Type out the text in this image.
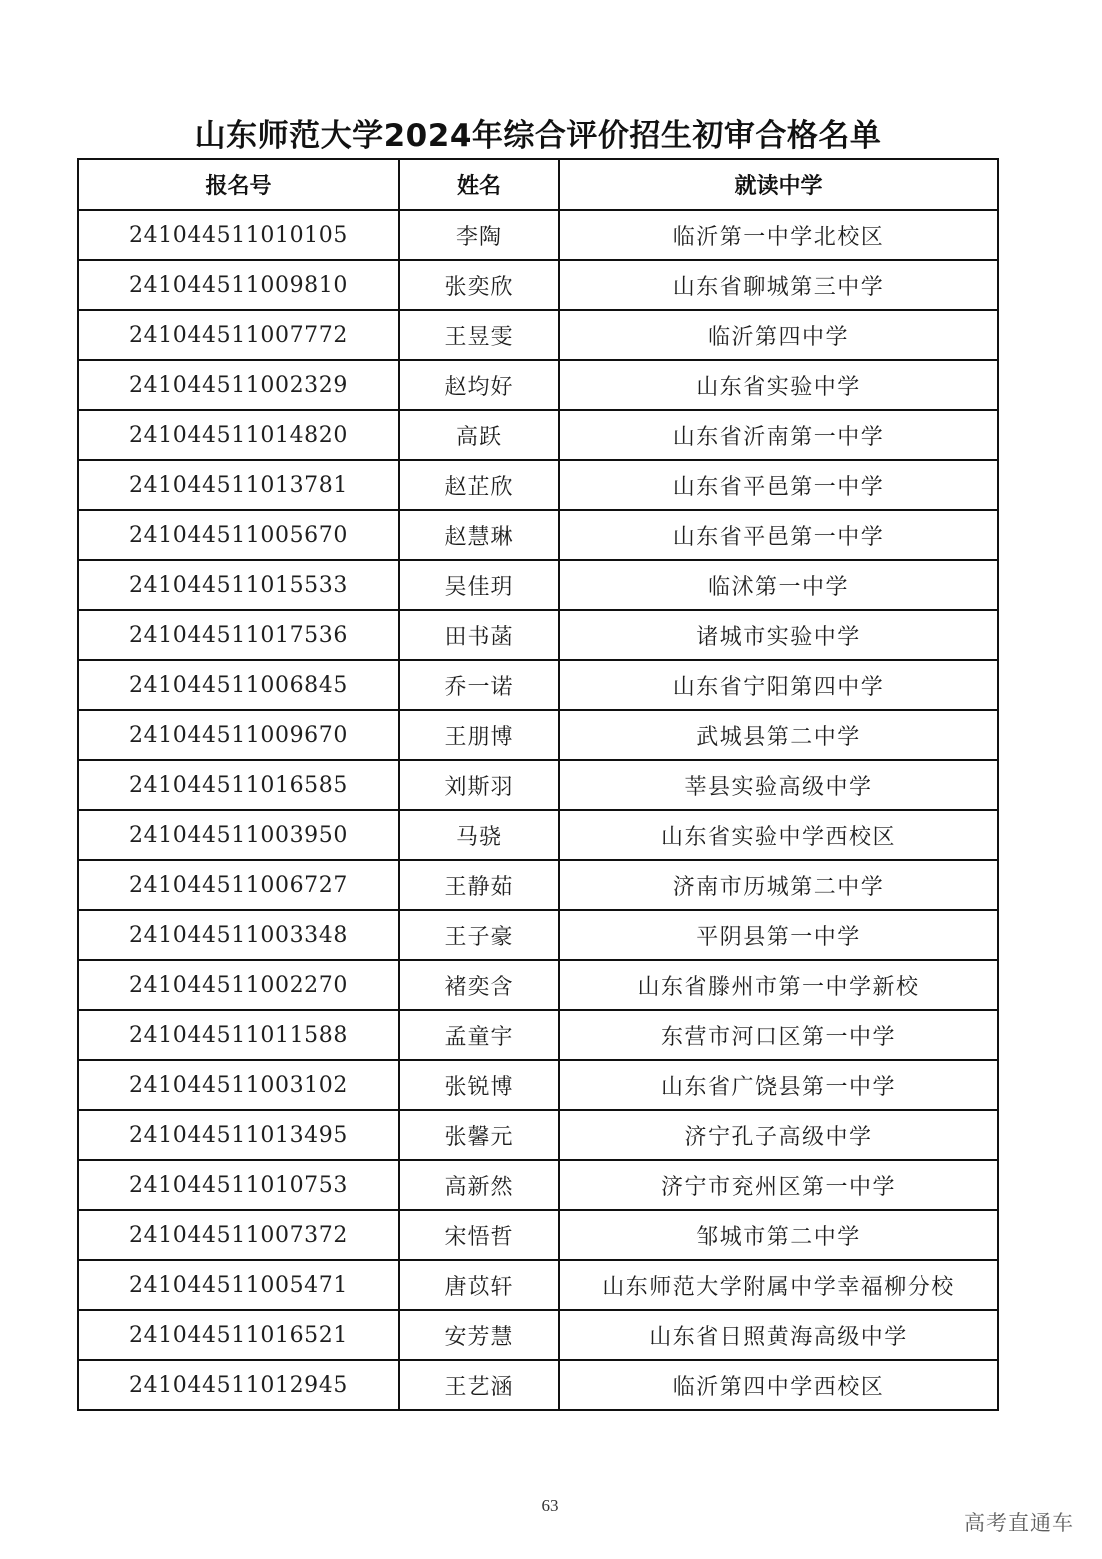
山东师范大学2024年综合评价招生初审合格名单
报名号	姓名	就读中学
241044511010105	李陶	临沂第一中学北校区
241044511009810	张奕欣	山东省聊城第三中学
241044511007772	王昱雯	临沂第四中学
241044511002329	赵均好	山东省实验中学
241044511014820	高跃	山东省沂南第一中学
241044511013781	赵芷欣	山东省平邑第一中学
241044511005670	赵慧琳	山东省平邑第一中学
241044511015533	吴佳玥	临沭第一中学
241044511017536	田书菡	诸城市实验中学
241044511006845	乔一诺	山东省宁阳第四中学
241044511009670	王朋博	武城县第二中学
241044511016585	刘斯羽	莘县实验高级中学
241044511003950	马骁	山东省实验中学西校区
241044511006727	王静茹	济南市历城第二中学
241044511003348	王子豪	平阴县第一中学
241044511002270	褚奕含	山东省滕州市第一中学新校
241044511011588	孟童宇	东营市河口区第一中学
241044511003102	张锐博	山东省广饶县第一中学
241044511013495	张馨元	济宁孔子高级中学
241044511010753	高新然	济宁市兖州区第一中学
241044511007372	宋悟哲	邹城市第二中学
241044511005471	唐苡轩	山东师范大学附属中学幸福柳分校
241044511016521	安芳慧	山东省日照黄海高级中学
241044511012945	王艺涵	临沂第四中学西校区
63
高考直通车
